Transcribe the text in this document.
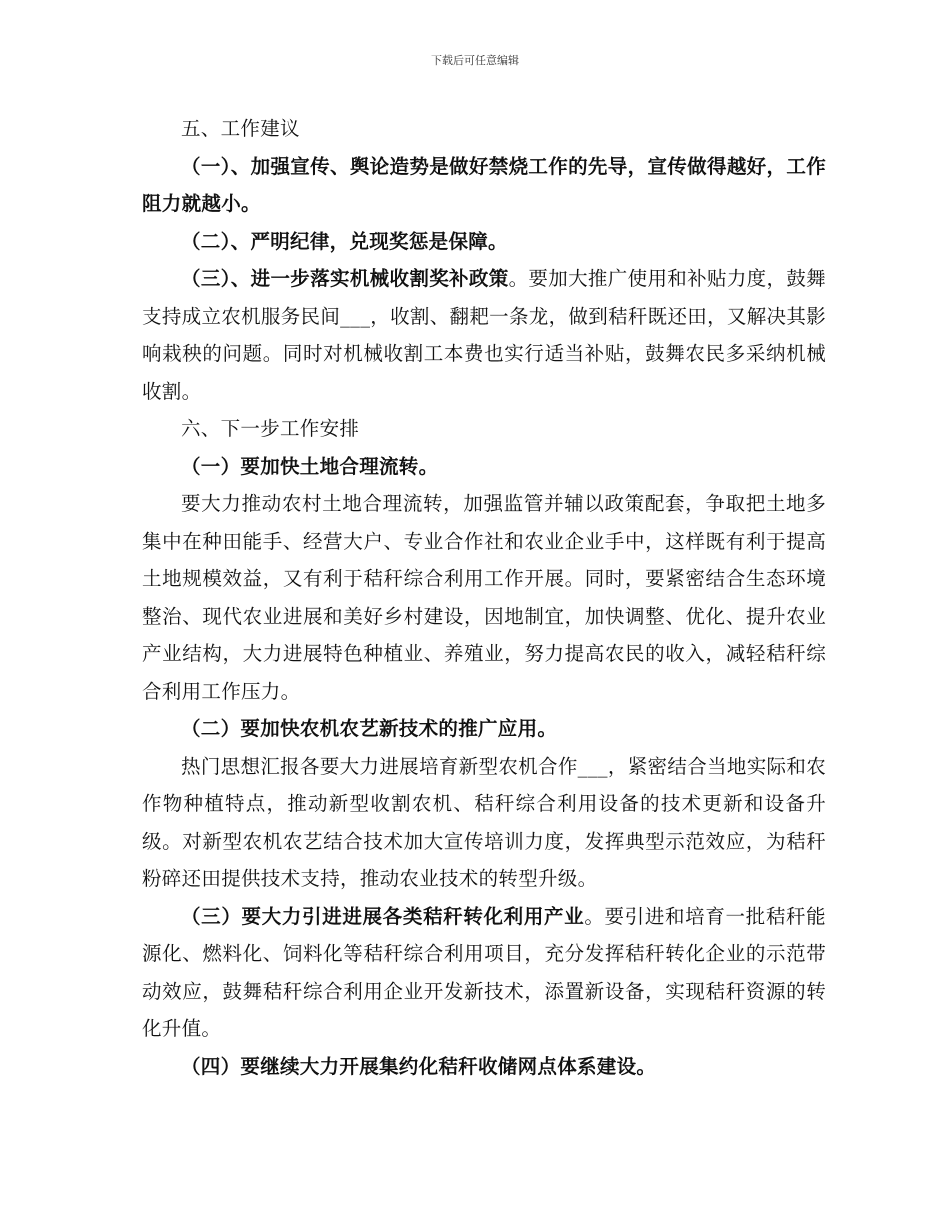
下载后可任意编辑

五、工作建议

（一）、加强宣传、舆论造势是做好禁烧工作的先导，宣传做得越好，工作阻力就越小。

（二）、严明纪律，兑现奖惩是保障。

（三）、进一步落实机械收割奖补政策。要加大推广使用和补贴力度，鼓舞支持成立农机服务民间___，收割、翻耙一条龙，做到秸秆既还田，又解决其影响栽秧的问题。同时对机械收割工本费也实行适当补贴，鼓舞农民多采纳机械收割。

六、下一步工作安排

（一）要加快土地合理流转。

要大力推动农村土地合理流转，加强监管并辅以政策配套，争取把土地多集中在种田能手、经营大户、专业合作社和农业企业手中，这样既有利于提高土地规模效益，又有利于秸秆综合利用工作开展。同时，要紧密结合生态环境整治、现代农业进展和美好乡村建设，因地制宜，加快调整、优化、提升农业产业结构，大力进展特色种植业、养殖业，努力提高农民的收入，减轻秸秆综合利用工作压力。

（二）要加快农机农艺新技术的推广应用。

热门思想汇报各要大力进展培育新型农机合作___，紧密结合当地实际和农作物种植特点，推动新型收割农机、秸秆综合利用设备的技术更新和设备升级。对新型农机农艺结合技术加大宣传培训力度，发挥典型示范效应，为秸秆粉碎还田提供技术支持，推动农业技术的转型升级。

（三）要大力引进进展各类秸秆转化利用产业。要引进和培育一批秸秆能源化、燃料化、饲料化等秸秆综合利用项目，充分发挥秸秆转化企业的示范带动效应，鼓舞秸秆综合利用企业开发新技术，添置新设备，实现秸秆资源的转化升值。

（四）要继续大力开展集约化秸秆收储网点体系建设。
